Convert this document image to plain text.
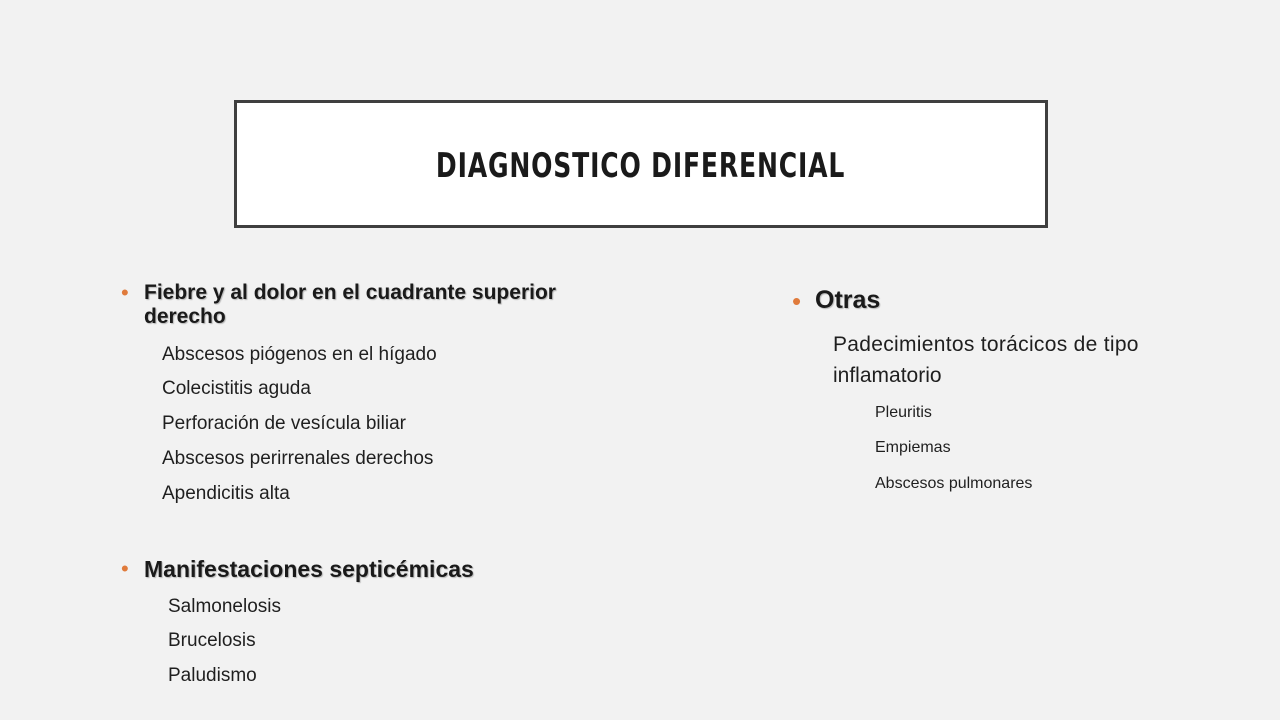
DIAGNOSTICO DIFERENCIAL
• Fiebre y al dolor en el cuadrante superior
derecho
Abscesos piógenos en el hígado
Colecistitis aguda
Perforación de vesícula biliar
Abscesos perirrenales derechos
Apendicitis alta
• Manifestaciones septicémicas
Salmonelosis
Brucelosis
Paludismo
• Otras
Padecimientos torácicos de tipo
inflamatorio
Pleuritis
Empiemas
Abscesos pulmonares
